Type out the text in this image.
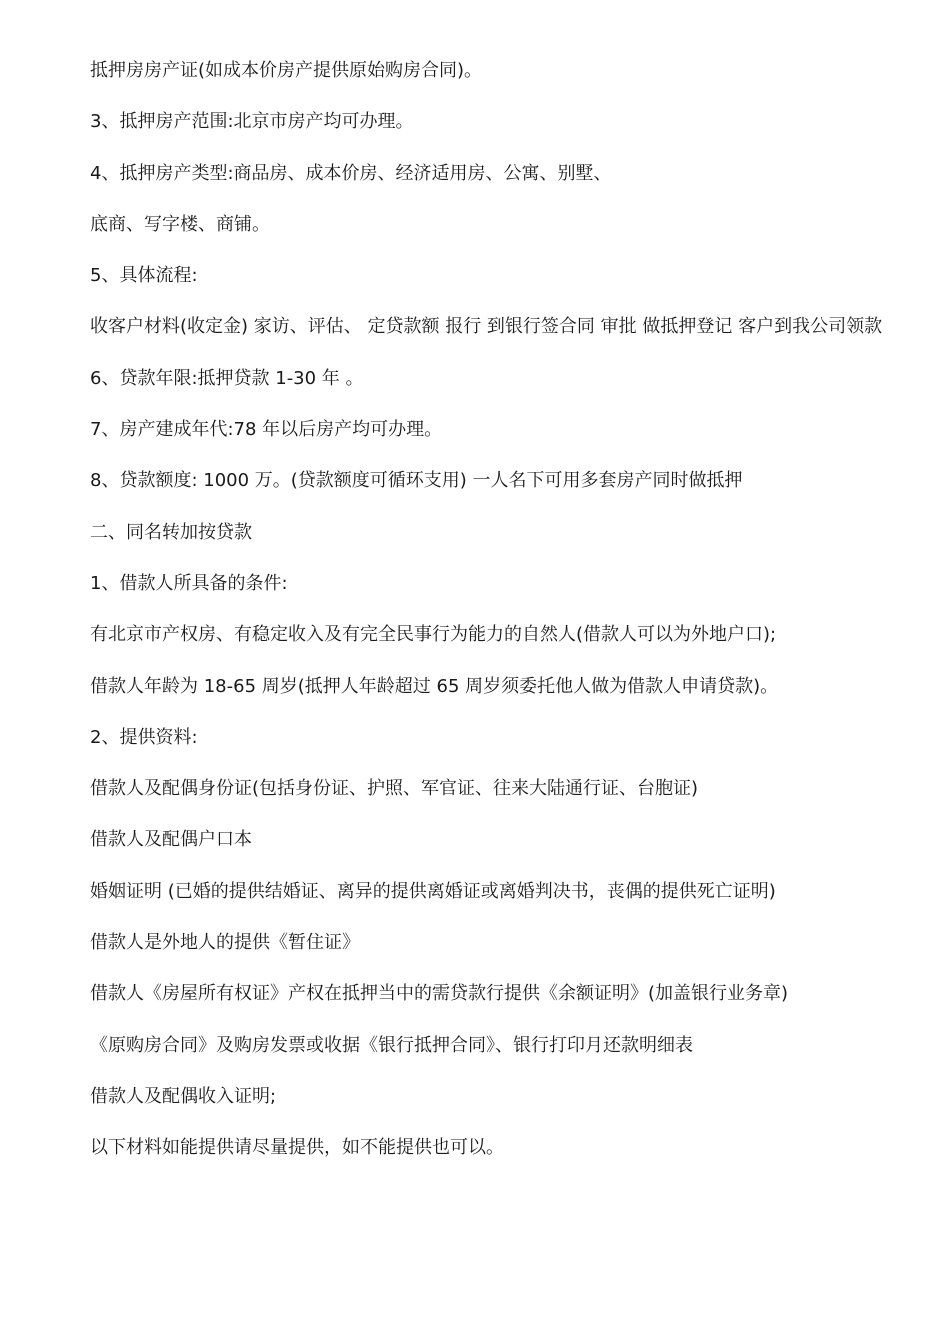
抵押房房产证(如成本价房产提供原始购房合同)。

3、抵押房产范围:北京市房产均可办理。

4、抵押房产类型:商品房、成本价房、经济适用房、公寓、别墅、

底商、写字楼、商铺。

5、具体流程:

收客户材料(收定金) 家访、评估、 定贷款额 报行 到银行签合同 审批 做抵押登记 客户到我公司领款

6、贷款年限:抵押贷款 1-30 年 。

7、房产建成年代:78 年以后房产均可办理。

8、贷款额度: 1000 万。(贷款额度可循环支用) 一人名下可用多套房产同时做抵押

二、同名转加按贷款

1、借款人所具备的条件:

有北京市产权房、有稳定收入及有完全民事行为能力的自然人(借款人可以为外地户口);

借款人年龄为 18-65 周岁(抵押人年龄超过 65 周岁须委托他人做为借款人申请贷款)。

2、提供资料:

借款人及配偶身份证(包括身份证、护照、军官证、往来大陆通行证、台胞证)

借款人及配偶户口本

婚姻证明 (已婚的提供结婚证、离异的提供离婚证或离婚判决书，丧偶的提供死亡证明)

借款人是外地人的提供《暂住证》

借款人《房屋所有权证》产权在抵押当中的需贷款行提供《余额证明》(加盖银行业务章)

《原购房合同》及购房发票或收据《银行抵押合同》、银行打印月还款明细表

借款人及配偶收入证明;

以下材料如能提供请尽量提供，如不能提供也可以。
